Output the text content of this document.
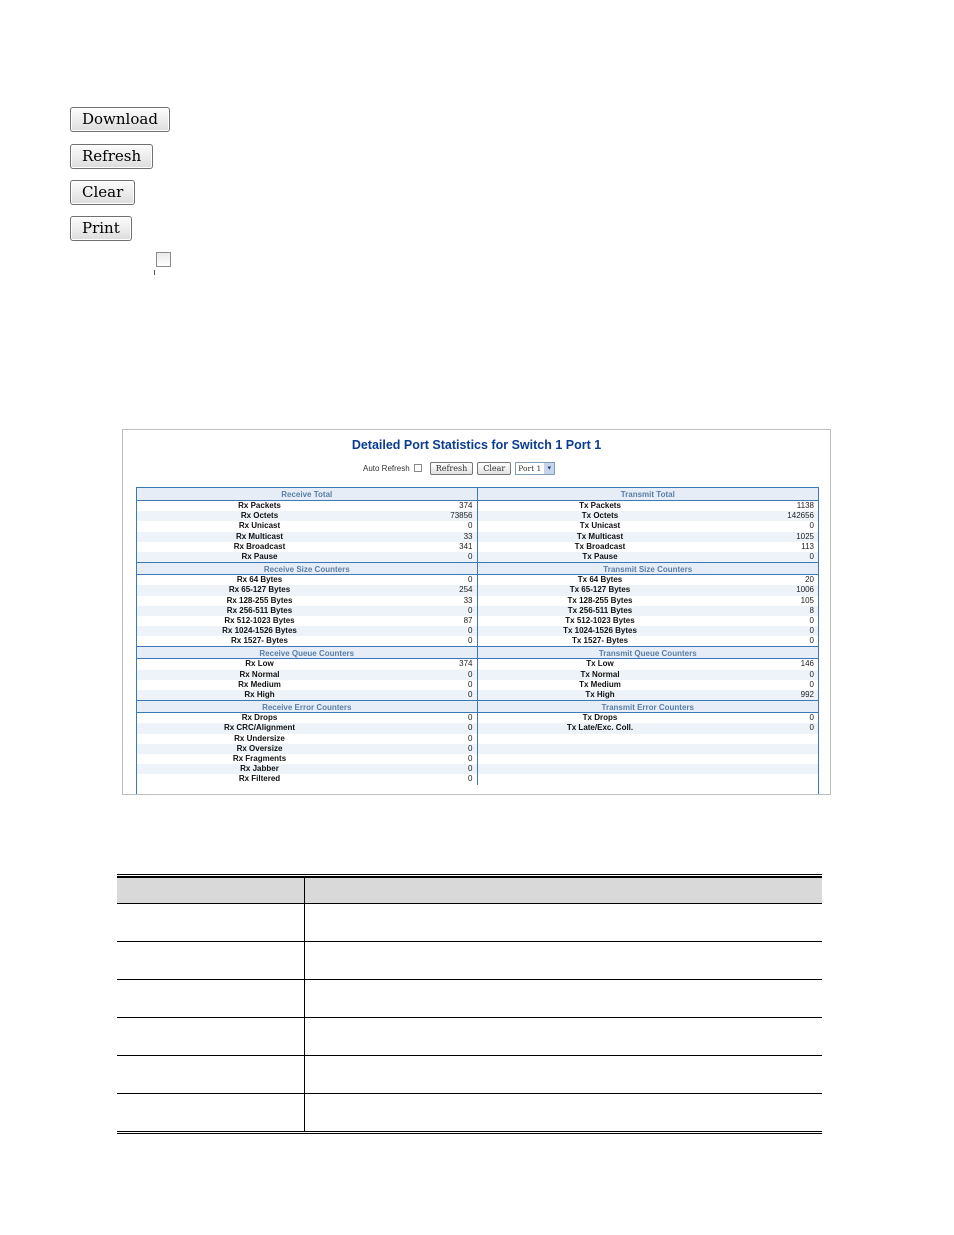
Download
Refresh
Clear
Print
Detailed Port Statistics for Switch 1 Port 1
Auto Refresh	Refresh	Clear	Port 1 ▾
Receive Total
Rx Packets	374
Rx Octets	73856
Rx Unicast	0
Rx Multicast	33
Rx Broadcast	341
Rx Pause	0
Receive Size Counters
Rx 64 Bytes	0
Rx 65-127 Bytes	254
Rx 128-255 Bytes	33
Rx 256-511 Bytes	0
Rx 512-1023 Bytes	87
Rx 1024-1526 Bytes	0
Rx 1527- Bytes	0
Receive Queue Counters
Rx Low	374
Rx Normal	0
Rx Medium	0
Rx High	0
Receive Error Counters
Rx Drops	0
Rx CRC/Alignment	0
Rx Undersize	0
Rx Oversize	0
Rx Fragments	0
Rx Jabber	0
Rx Filtered	0
Transmit Total
Tx Packets	1138
Tx Octets	142656
Tx Unicast	0
Tx Multicast	1025
Tx Broadcast	113
Tx Pause	0
Transmit Size Counters
Tx 64 Bytes	20
Tx 65-127 Bytes	1006
Tx 128-255 Bytes	105
Tx 256-511 Bytes	8
Tx 512-1023 Bytes	0
Tx 1024-1526 Bytes	0
Tx 1527- Bytes	0
Transmit Queue Counters
Tx Low	146
Tx Normal	0
Tx Medium	0
Tx High	992
Transmit Error Counters
Tx Drops	0
Tx Late/Exc. Coll.	0
